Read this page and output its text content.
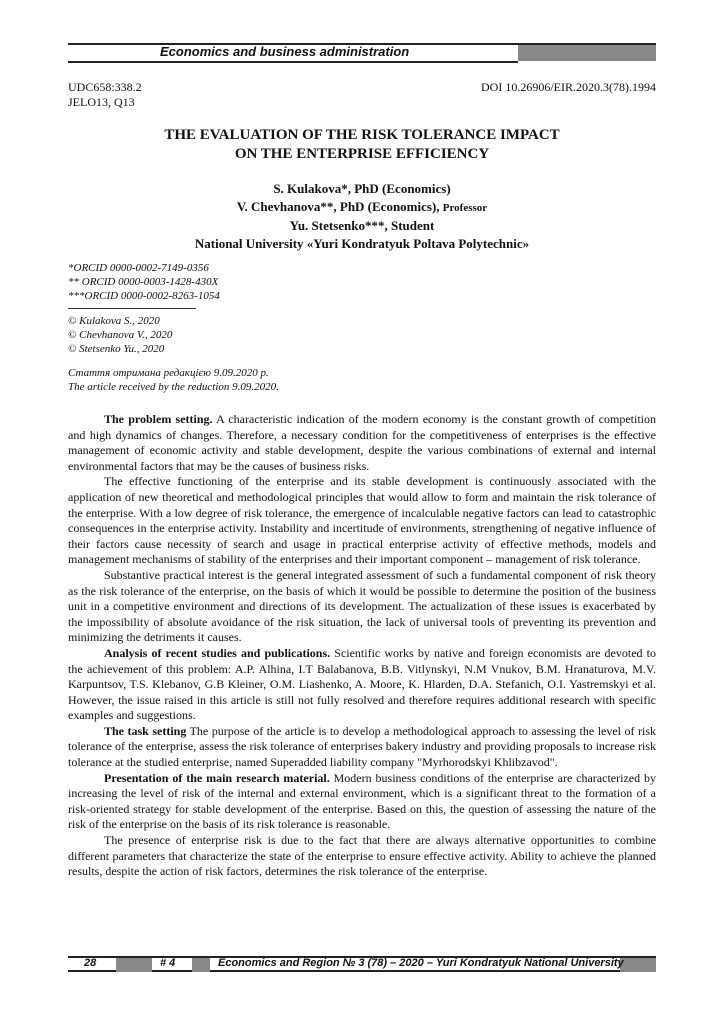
Economics and business administration
UDC658:338.2
JELO13, Q13
DOI 10.26906/EIR.2020.3(78).1994
THE EVALUATION OF THE RISK TOLERANCE IMPACT
ON THE ENTERPRISE EFFICIENCY
S. Kulakova*, PhD (Economics)
V. Chevhanova**, PhD (Economics), Professor
Yu. Stetsenko***, Student
National University «Yuri Kondratyuk Poltava Polytechnic»
*ORCID 0000-0002-7149-0356
** ORCID 0000-0003-1428-430X
***ORCID 0000-0002-8263-1054
© Kulakova S., 2020
© Chevhanova V., 2020
© Stetsenko Yu., 2020
Стаття отримана редакцією 9.09.2020 р.
The article received by the reduction 9.09.2020.

The problem setting. A characteristic indication of the modern economy is the constant growth of competition and high dynamics of changes. Therefore, a necessary condition for the competitiveness of enterprises is the effective management of economic activity and stable development, despite the various combinations of external and internal environmental factors that may be the causes of business risks.

The effective functioning of the enterprise and its stable development is continuously associated with the application of new theoretical and methodological principles that would allow to form and maintain the risk tolerance of the enterprise. With a low degree of risk tolerance, the emergence of incalculable negative factors can lead to catastrophic consequences in the enterprise activity. Instability and incertitude of environments, strengthening of negative influence of their factors cause necessity of search and usage in practical enterprise activity of effective methods, models and management mechanisms of stability of the enterprises and their important component – management of risk tolerance.

Substantive practical interest is the general integrated assessment of such a fundamental component of risk theory as the risk tolerance of the enterprise, on the basis of which it would be possible to determine the position of the business unit in a competitive environment and directions of its development. The actualization of these issues is exacerbated by the impossibility of absolute avoidance of the risk situation, the lack of universal tools of preventing its prevention and minimizing the detriments it causes.

Analysis of recent studies and publications. Scientific works by native and foreign economists are devoted to the achievement of this problem: A.P. Alhina, I.T Balabanova, B.B. Vitlynskyi, N.M Vnukov, B.M. Hranaturova, M.V. Karpuntsov, T.S. Klebanov, G.B Kleiner, O.M. Liashenko, A. Moore, K. Hlarden, D.A. Stefanich, O.I. Yastremskyi et al. However, the issue raised in this article is still not fully resolved and therefore requires additional research with specific examples and suggestions.

The task setting The purpose of the article is to develop a methodological approach to assessing the level of risk tolerance of the enterprise, assess the risk tolerance of enterprises bakery industry and providing proposals to increase risk tolerance at the studied enterprise, named Superadded liability company "Myrhorodskyi Khlibzavod".

Presentation of the main research material. Modern business conditions of the enterprise are characterized by increasing the level of risk of the internal and external environment, which is a significant threat to the formation of a risk-oriented strategy for stable development of the enterprise. Based on this, the question of assessing the nature of the risk of the enterprise on the basis of its risk tolerance is reasonable.

The presence of enterprise risk is due to the fact that there are always alternative opportunities to combine different parameters that characterize the state of the enterprise to ensure effective activity. Ability to achieve the planned results, despite the action of risk factors, determines the risk tolerance of the enterprise.

28	# 4	Economics and Region № 3 (78) – 2020 – Yuri Kondratyuk National University
